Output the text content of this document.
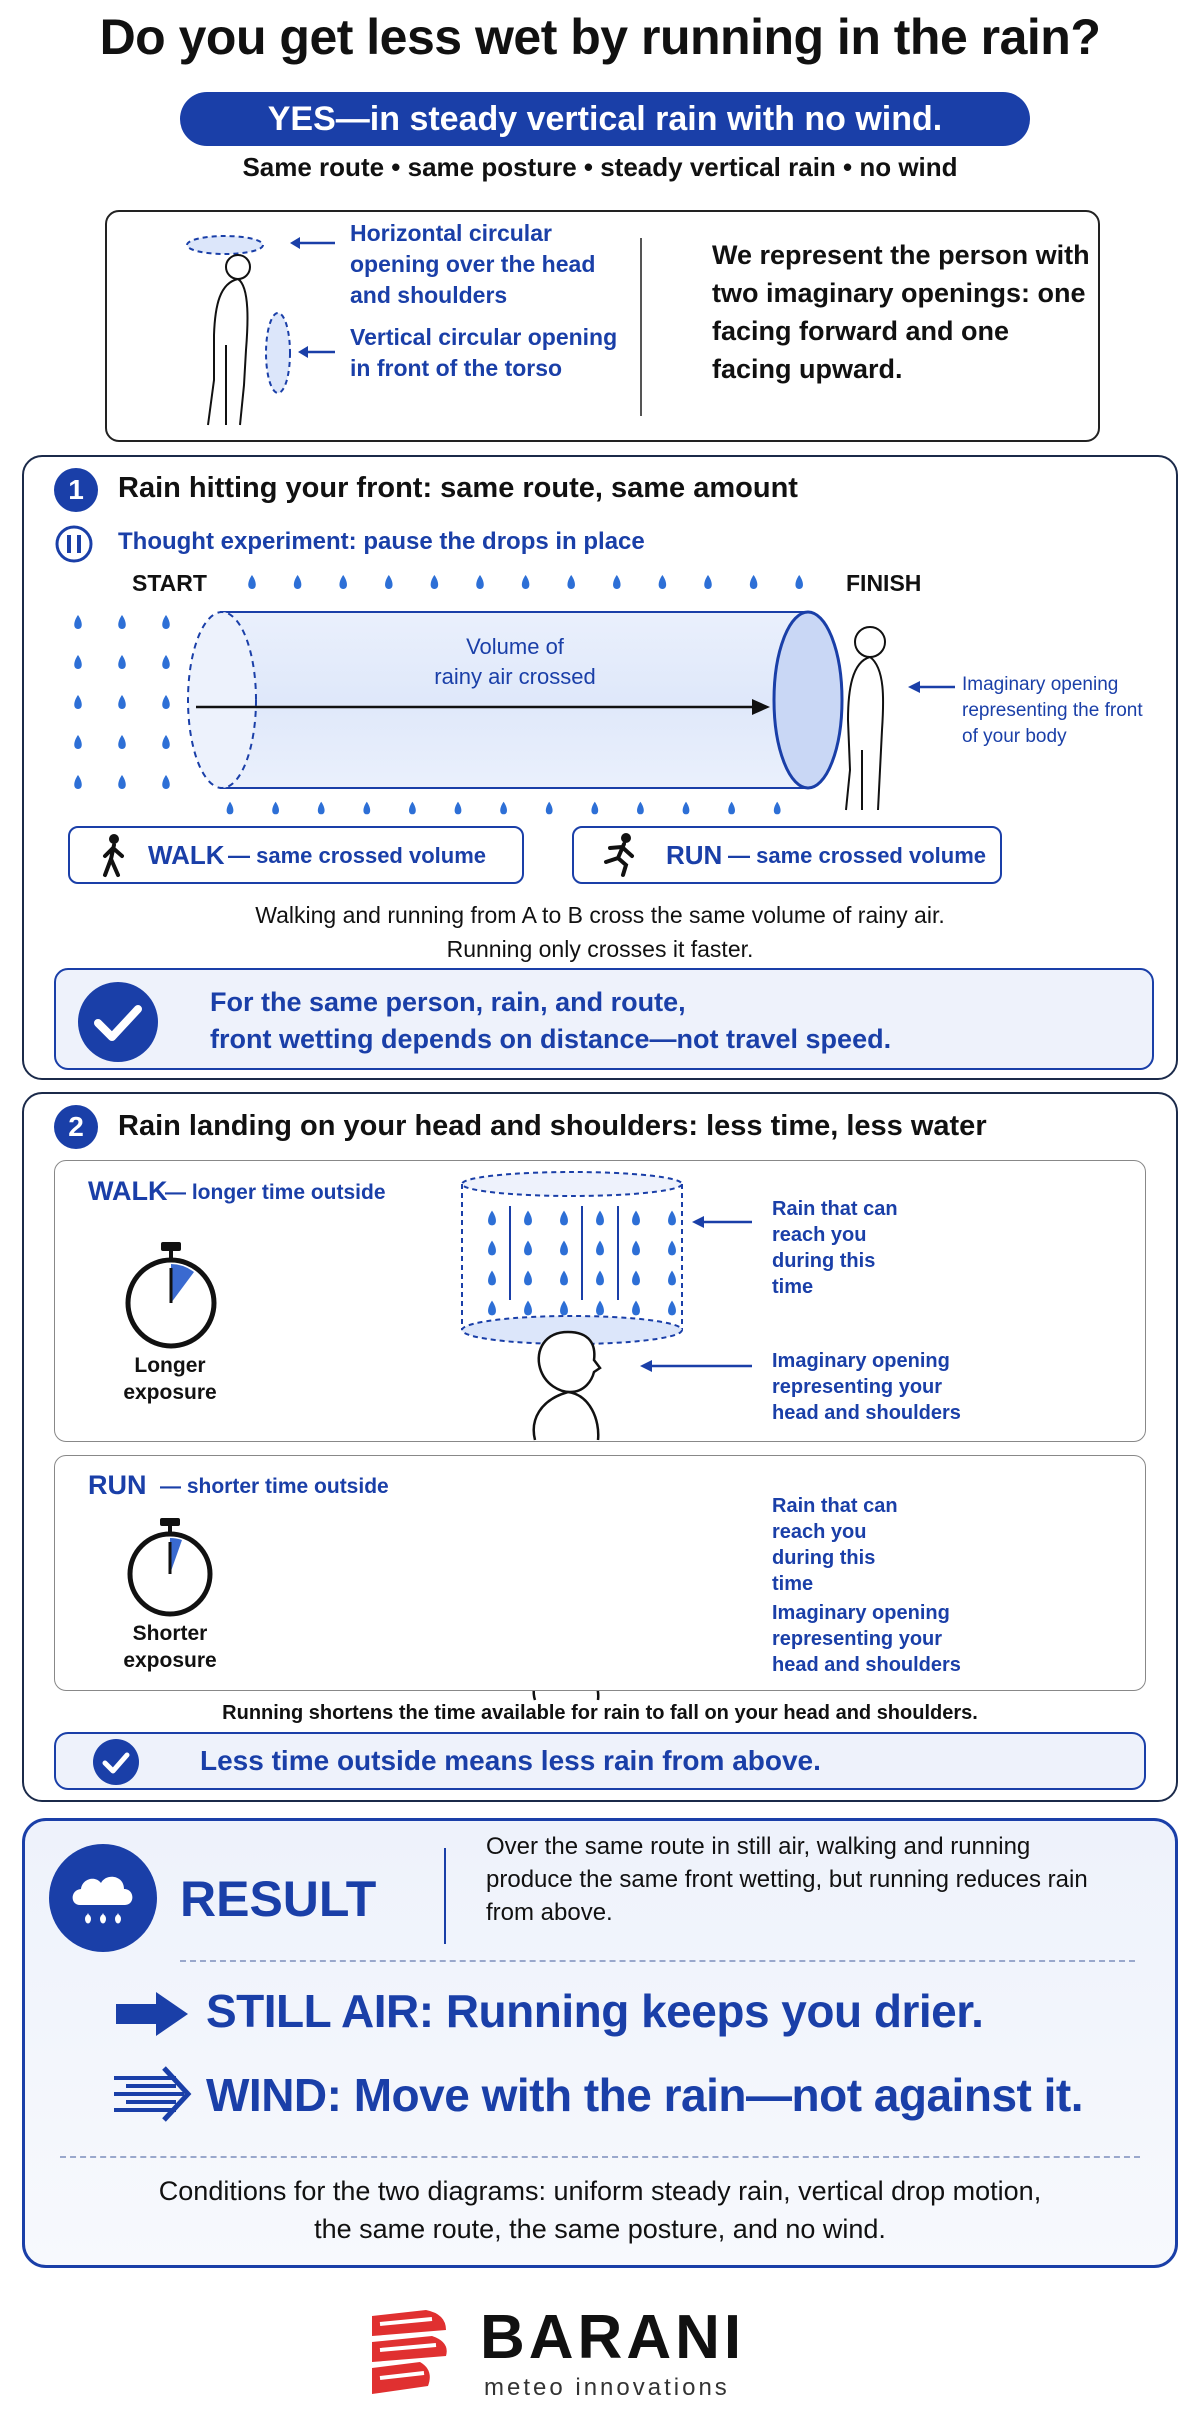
Do you get less wet by running in the rain?
YES—in steady vertical rain with no wind.
Same route • same posture • steady vertical rain • no wind
Horizontal circular opening over the head and shoulders
Vertical circular opening in front of the torso
We represent the person with two imaginary openings: one facing forward and one facing upward.
1	Rain hitting your front: same route, same amount
Thought experiment: pause the drops in place
START	FINISH
Volume of
rainy air crossed	Imaginary opening representing the front of your body
WALK — same crossed volume	RUN — same crossed volume
Walking and running from A to B cross the same volume of rainy air.
Running only crosses it faster.
For the same person, rain, and route,
front wetting depends on distance—not travel speed.
2	Rain landing on your head and shoulders: less time, less water
WALK
— longer time outside
Longer
exposure
Rain that can reach you during this time
Imaginary opening representing your head and shoulders
RUN — shorter time outside
Shorter
exposure
Rain that can reach you during this time
Imaginary opening representing your head and shoulders
Running shortens the time available for rain to fall on your head and shoulders.
Less time outside means less rain from above.
RESULT
Over the same route in still air, walking and running produce the same front wetting, but running reduces rain from above.
STILL AIR: Running keeps you drier.
WIND: Move with the rain—not against it.
Conditions for the two diagrams: uniform steady rain, vertical drop motion,
the same route, the same posture, and no wind.
BARANI
meteo innovations
